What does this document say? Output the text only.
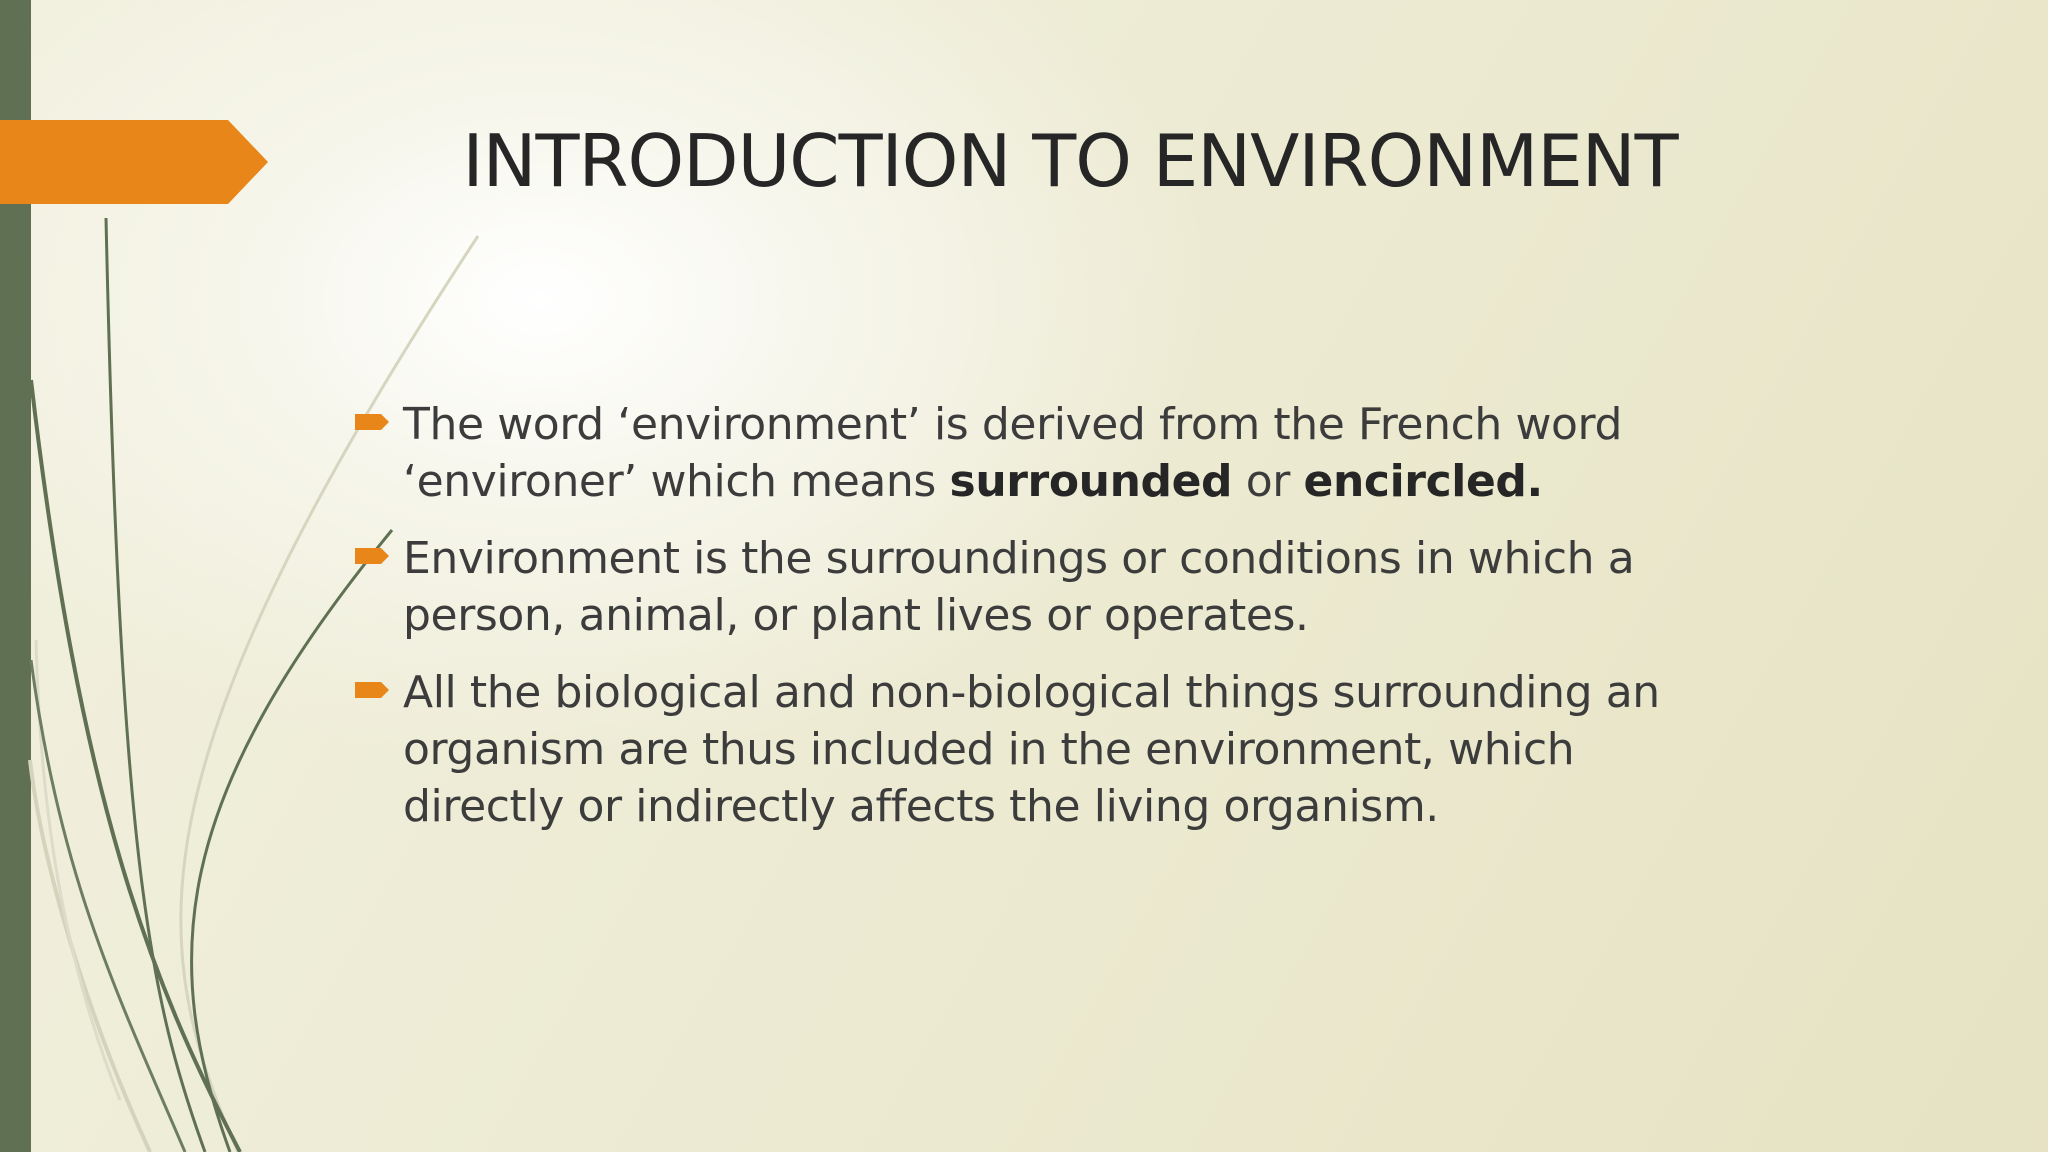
INTRODUCTION TO ENVIRONMENT
The word ‘environment’ is derived from the French word
‘environer’ which means surrounded or encircled.
Environment is the surroundings or conditions in which a
person, animal, or plant lives or operates.
All the biological and non-biological things surrounding an
organism are thus included in the environment, which
directly or indirectly affects the living organism.
